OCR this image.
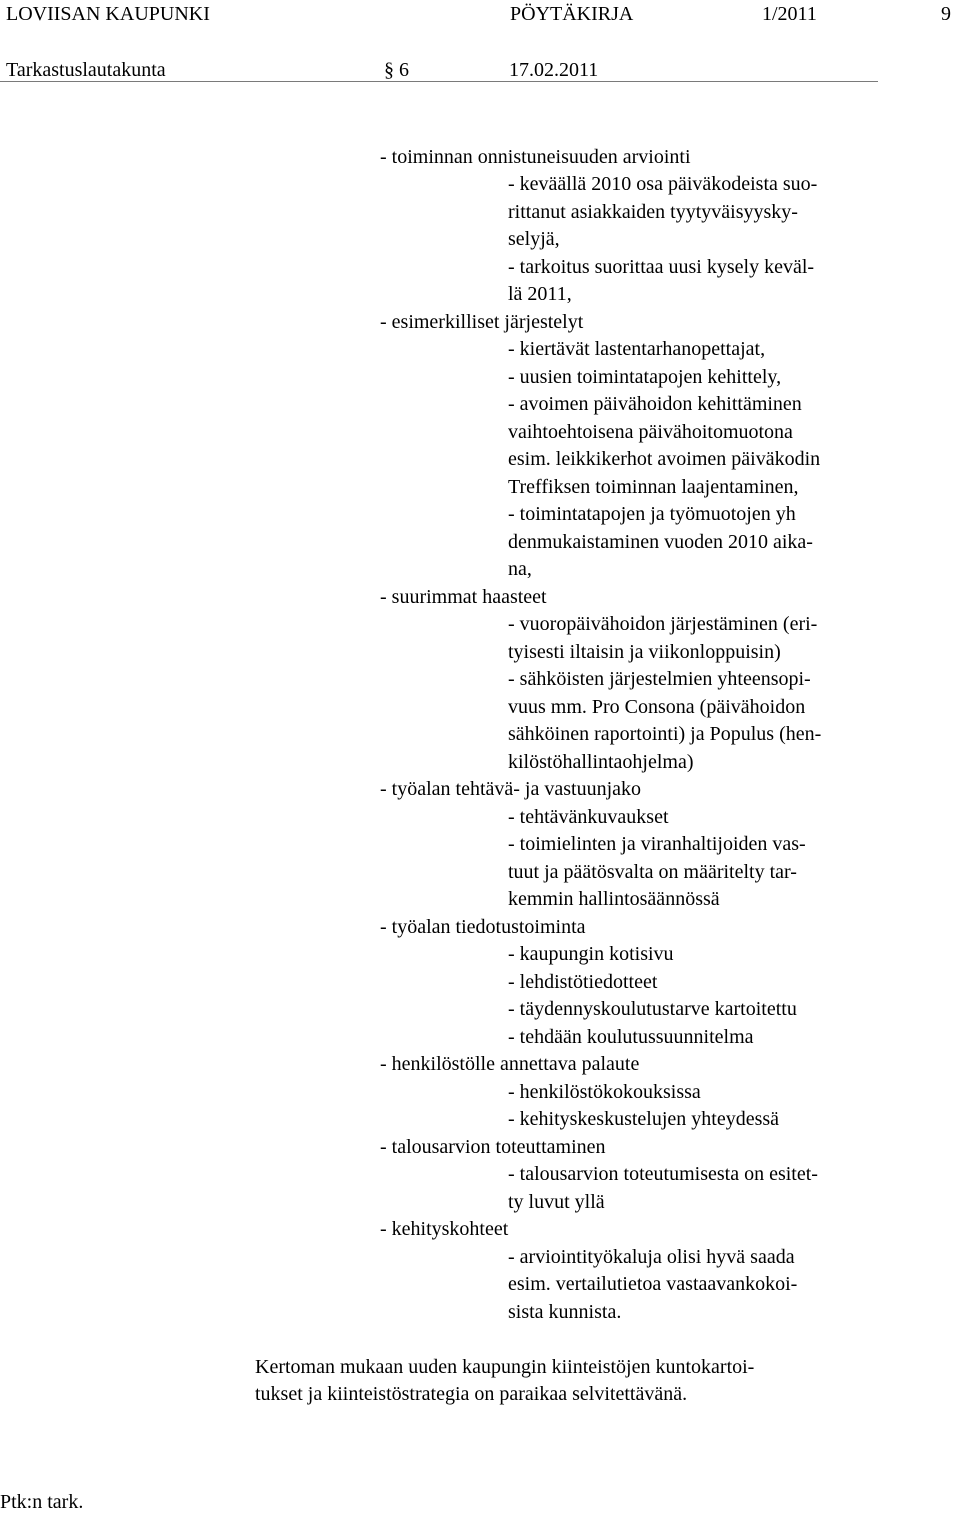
LOVIISAN KAUPUNKI	PÖYTÄKIRJA	1/2011	9
Tarkastuslautakunta	§ 6	17.02.2011
- toiminnan onnistuneisuuden arviointi
- keväällä 2010 osa päiväkodeista suo-
rittanut asiakkaiden tyytyväisyysky-
selyjä,
- tarkoitus suorittaa uusi kysely keväl-
lä 2011,
- esimerkilliset järjestelyt
- kiertävät lastentarhanopettajat,
- uusien toimintatapojen kehittely,
- avoimen päivähoidon kehittäminen
vaihtoehtoisena päivähoitomuotona
esim. leikkikerhot avoimen päiväkodin
Treffiksen toiminnan laajentaminen,
- toimintatapojen ja työmuotojen yh
denmukaistaminen vuoden 2010 aika-
na,
- suurimmat haasteet
- vuoropäivähoidon järjestäminen (eri-
tyisesti iltaisin ja viikonloppuisin)
- sähköisten järjestelmien yhteensopi-
vuus mm. Pro Consona (päivähoidon
sähköinen raportointi) ja Populus (hen-
kilöstöhallintaohjelma)
- työalan tehtävä- ja vastuunjako
- tehtävänkuvaukset
- toimielinten ja viranhaltijoiden vas-
tuut ja päätösvalta on määritelty tar-
kemmin hallintosäännössä
- työalan tiedotustoiminta
- kaupungin kotisivu
- lehdistötiedotteet
- täydennyskoulutustarve kartoitettu
- tehdään koulutussuunnitelma
- henkilöstölle annettava palaute
- henkilöstökokouksissa
- kehityskeskustelujen yhteydessä
- talousarvion toteuttaminen
- talousarvion toteutumisesta on esitet-
ty luvut yllä
- kehityskohteet
- arviointityökaluja olisi hyvä saada
esim. vertailutietoa vastaavankokoi-
sista kunnista.
Kertoman mukaan uuden kaupungin kiinteistöjen kuntokartoi-
tukset ja kiinteistöstrategia on paraikaa selvitettävänä.
Ptk:n tark.
